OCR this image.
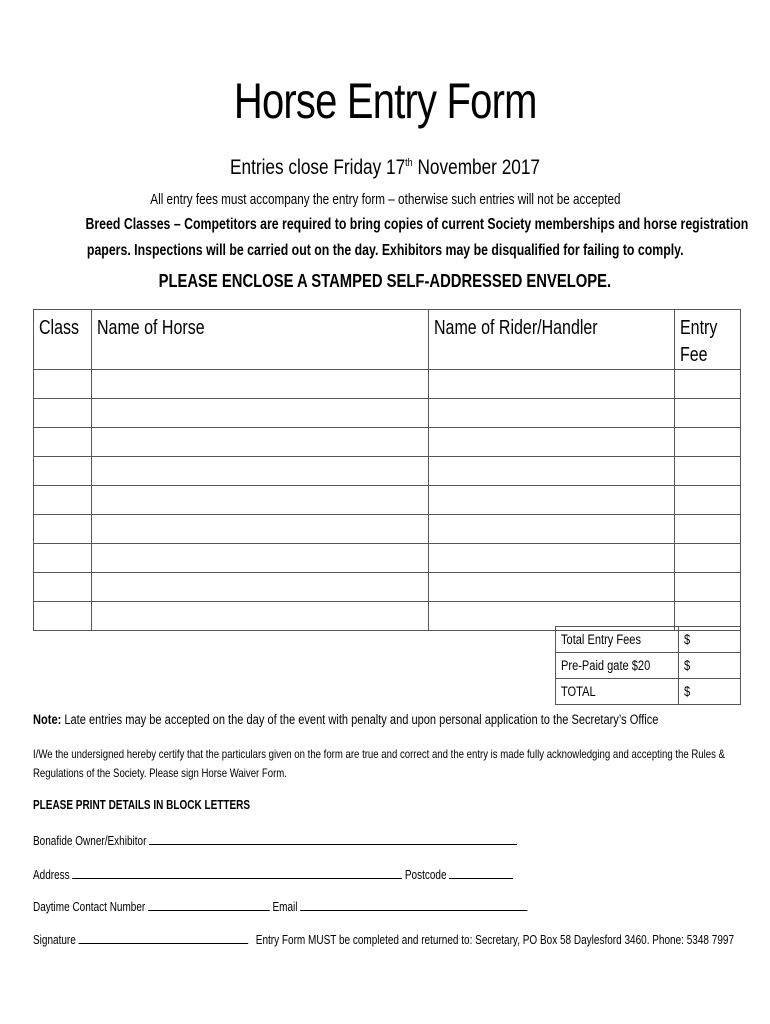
Horse Entry Form
Entries close Friday 17th November 2017
All entry fees must accompany the entry form – otherwise such entries will not be accepted
Breed Classes – Competitors are required to bring copies of current Society memberships and horse registration
papers. Inspections will be carried out on the day. Exhibitors may be disqualified for failing to comply.
PLEASE ENCLOSE A STAMPED SELF-ADDRESSED ENVELOPE.
Class	Name of Horse	Name of Rider/Handler	Entry Fee

Total Entry Fees	$
Pre-Paid gate $20	$
TOTAL	$
Note: Late entries may be accepted on the day of the event with penalty and upon personal application to the Secretary’s Office
I/We the undersigned hereby certify that the particulars given on the form are true and correct and the entry is made fully acknowledging and accepting the Rules &
Regulations of the Society. Please sign Horse Waiver Form.
PLEASE PRINT DETAILS IN BLOCK LETTERS
Bonafide Owner/Exhibitor
Address	Postcode
Daytime Contact Number	Email
Signature	Entry Form MUST be completed and returned to: Secretary, PO Box 58 Daylesford 3460. Phone: 5348 7997
